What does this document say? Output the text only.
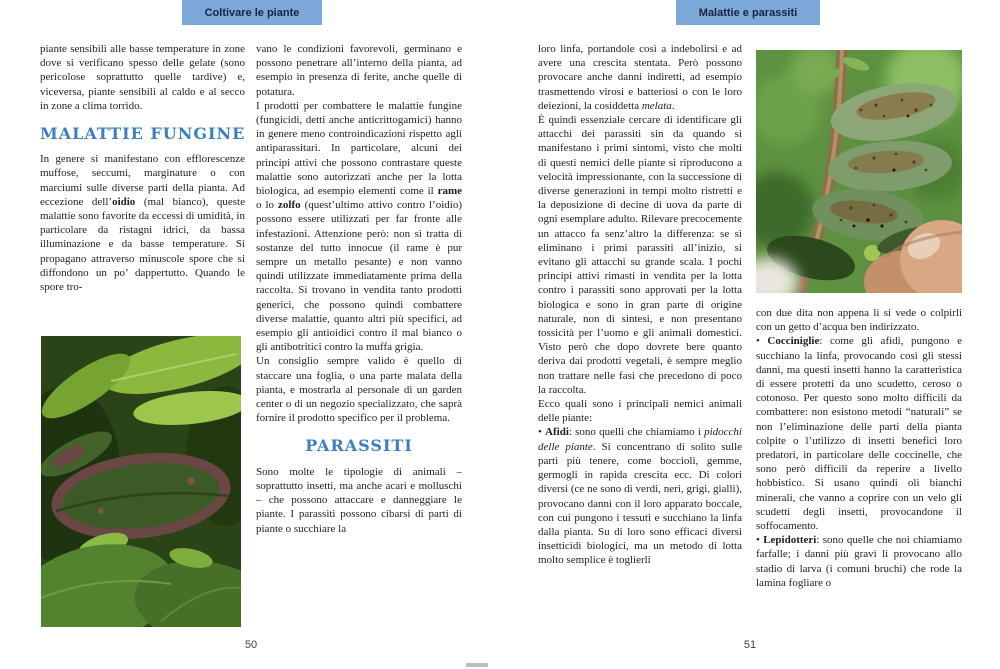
Coltivare le piante	Malattie e parassiti

piante sensibili alle basse temperature in zone dove si verificano spesso delle gelate (sono pericolose soprattutto quelle tardive) e, viceversa, piante sensibili al caldo e al secco in zone a clima torrido.

MALATTIE FUNGINE

In genere si manifestano con efflorescenze muffose, seccumi, marginature o con marciumi sulle diverse parti della pianta. Ad eccezione dell’oidio (mal bianco), queste malattie sono favorite da eccessi di umidità, in particolare da ristagni idrici, da bassa illuminazione e da basse temperature. Si propagano attraverso minuscole spore che si diffondono un po’ dappertutto. Quando le spore tro-

vano le condizioni favorevoli, germinano e possono penetrare all’interno della pianta, ad esempio in presenza di ferite, anche quelle di potatura.

I prodotti per combattere le malattie fungine (fungicidi, detti anche anticrittogamici) hanno in genere meno controindicazioni rispetto agli antiparassitari. In particolare, alcuni dei principi attivi che possono contrastare queste malattie sono autorizzati anche per la lotta biologica, ad esempio elementi come il rame o lo zolfo (quest’ultimo attivo contro l’oidio) possono essere utilizzati per far fronte alle infestazioni. Attenzione però: non si tratta di sostanze del tutto innocue (il rame è pur sempre un metallo pesante) e non vanno quindi utilizzate immediatamente prima della raccolta. Si trovano in vendita tanto prodotti generici, che possono quindi combattere diverse malattie, quanto altri più specifici, ad esempio gli antioidici contro il mal bianco o gli antibotritici contro la muffa grigia.

Un consiglio sempre valido è quello di staccare una foglia, o una parte malata della pianta, e mostrarla al personale di un garden center o di un negozio specializzato, che saprà fornire il prodotto specifico per il problema.

PARASSITI

Sono molte le tipologie di animali – soprattutto insetti, ma anche acari e molluschi – che possono attaccare e danneggiare le piante. I parassiti possono cibarsi di parti di piante o succhiare la

loro linfa, portandole così a indebolirsi e ad avere una crescita stentata. Però possono provocare anche danni indiretti, ad esempio trasmettendo virosi e batteriosi o con le loro deiezioni, la cosiddetta melata.

È quindi essenziale cercare di identificare gli attacchi dei parassiti sin da quando si manifestano i primi sintomi, visto che molti di questi nemici delle piante si riproducono a velocità impressionante, con la successione di diverse generazioni in tempi molto ristretti e la deposizione di decine di uova da parte di ogni esemplare adulto. Rilevare precocemente un attacco fa senz’altro la differenza: se si eliminano i primi parassiti all’inizio, si evitano gli attacchi su grande scala. I pochi principi attivi rimasti in vendita per la lotta contro i parassiti sono approvati per la lotta biologica e sono in gran parte di origine naturale, non di sintesi, e non presentano tossicità per l’uomo e gli animali domestici. Visto però che dopo dovrete bere quanto deriva dai prodotti vegetali, è sempre meglio non trattare nelle fasi che precedono di poco la raccolta.

Ecco quali sono i principali nemici animali delle piante:

• Afidi: sono quelli che chiamiamo i pidocchi delle piante. Si concentrano di solito sulle parti più tenere, come boccioli, gemme, germogli in rapida crescita ecc. Di colori diversi (ce ne sono di verdi, neri, grigi, gialli), provocano danni con il loro apparato boccale, con cui pungono i tessuti e succhiano la linfa dalla pianta. Su di loro sono efficaci diversi insetticidi biologici, ma un metodo di lotta molto semplice è toglierli

con due dita non appena li si vede o colpirli con un getto d’acqua ben indirizzato.

• Cocciniglie: come gli afidi, pungono e succhiano la linfa, provocando così gli stessi danni, ma questi insetti hanno la caratteristica di essere protetti da uno scudetto, ceroso o cotonoso. Per questo sono molto difficili da combattere: non esistono metodi “naturali” se non l’eliminazione delle parti della pianta colpite o l’utilizzo di insetti benefici loro predatori, in particolare delle coccinelle, che sono però difficili da reperire a livello hobbistico. Si usano quindi oli bianchi minerali, che vanno a coprire con un velo gli scudetti degli insetti, provocandone il soffocamento.

• Lepidotteri: sono quelle che noi chiamiamo farfalle; i danni più gravi li provocano allo stadio di larva (i comuni bruchi) che rode la lamina fogliare o

50	51
